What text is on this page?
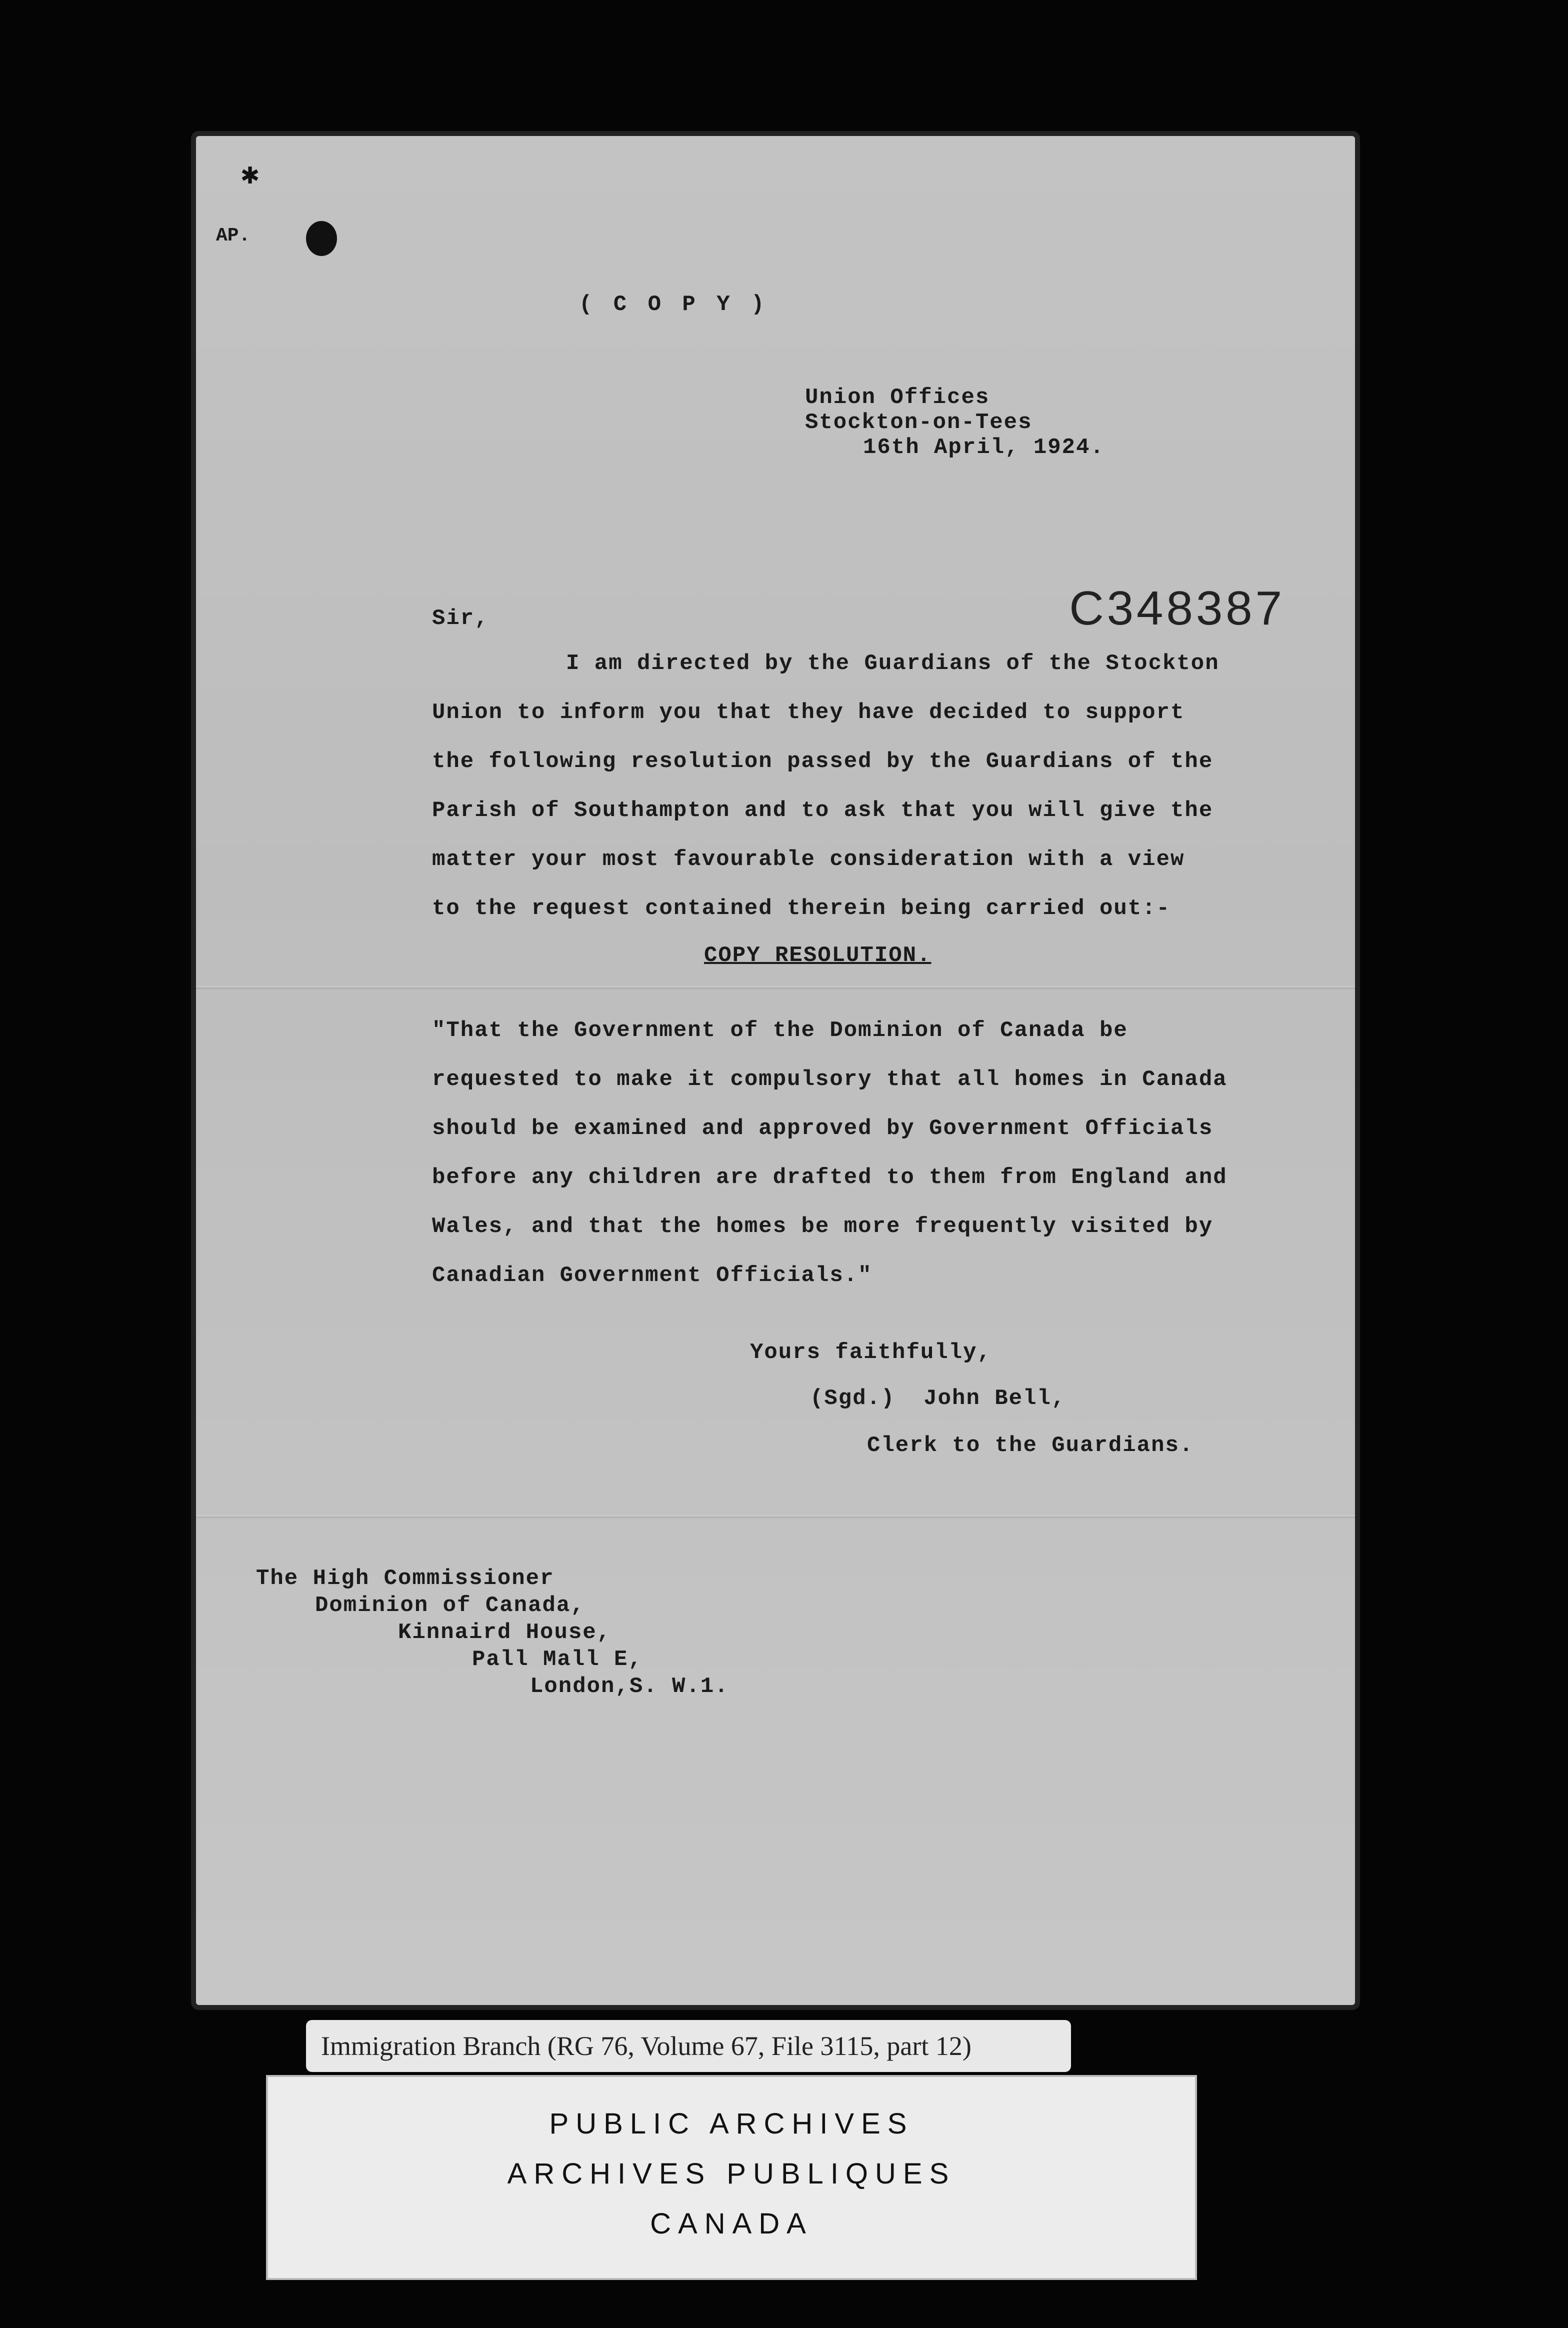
✱
AP.
( C O P Y )
Union Offices
Stockton-on-Tees
16th April, 1924.
C348387
Sir,
I am directed by the Guardians of the Stockton
Union to inform you that they have decided to support
the following resolution passed by the Guardians of the
Parish of Southampton and to ask that you will give the
matter your most favourable consideration with a view
to the request contained therein being carried out:-
COPY RESOLUTION.
"That the Government of the Dominion of Canada be
requested to make it compulsory that all homes in Canada
should be examined and approved by Government Officials
before any children are drafted to them from England and
Wales, and that the homes be more frequently visited by
Canadian Government Officials."
Yours faithfully,
(Sgd.)  John Bell,
Clerk to the Guardians.
The High Commissioner
Dominion of Canada,
Kinnaird House,
Pall Mall E,
London,S. W.1.
Immigration Branch (RG 76, Volume 67, File 3115, part 12)
PUBLIC ARCHIVES
ARCHIVES PUBLIQUES
CANADA
